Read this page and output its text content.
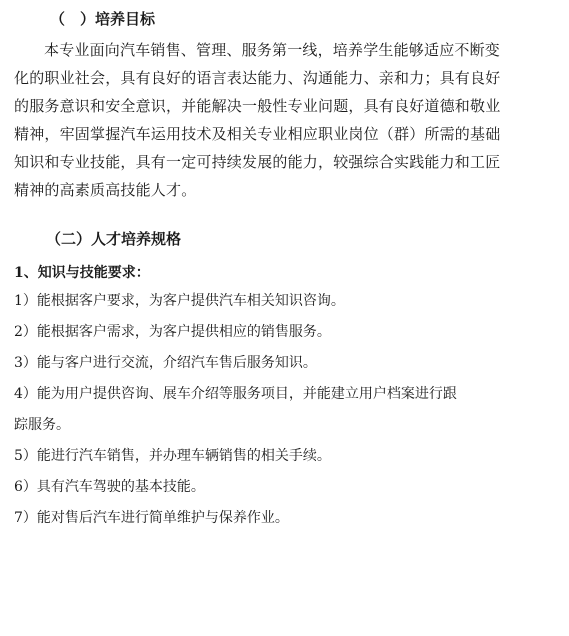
（　）培养目标
本专业面向汽车销售、管理、服务第一线，培养学生能够适应不断变
化的职业社会，具有良好的语言表达能力、沟通能力、亲和力；具有良好
的服务意识和安全意识，并能解决一般性专业问题，具有良好道德和敬业
精神，牢固掌握汽车运用技术及相关专业相应职业岗位（群）所需的基础
知识和专业技能，具有一定可持续发展的能力，较强综合实践能力和工匠
精神的高素质高技能人才。
（二）人才培养规格
1、知识与技能要求：
1）能根据客户要求，为客户提供汽车相关知识咨询。
2）能根据客户需求，为客户提供相应的销售服务。
3）能与客户进行交流，介绍汽车售后服务知识。
4）能为用户提供咨询、展车介绍等服务项目，并能建立用户档案进行跟
踪服务。
5）能进行汽车销售，并办理车辆销售的相关手续。
6）具有汽车驾驶的基本技能。
7）能对售后汽车进行简单维护与保养作业。
